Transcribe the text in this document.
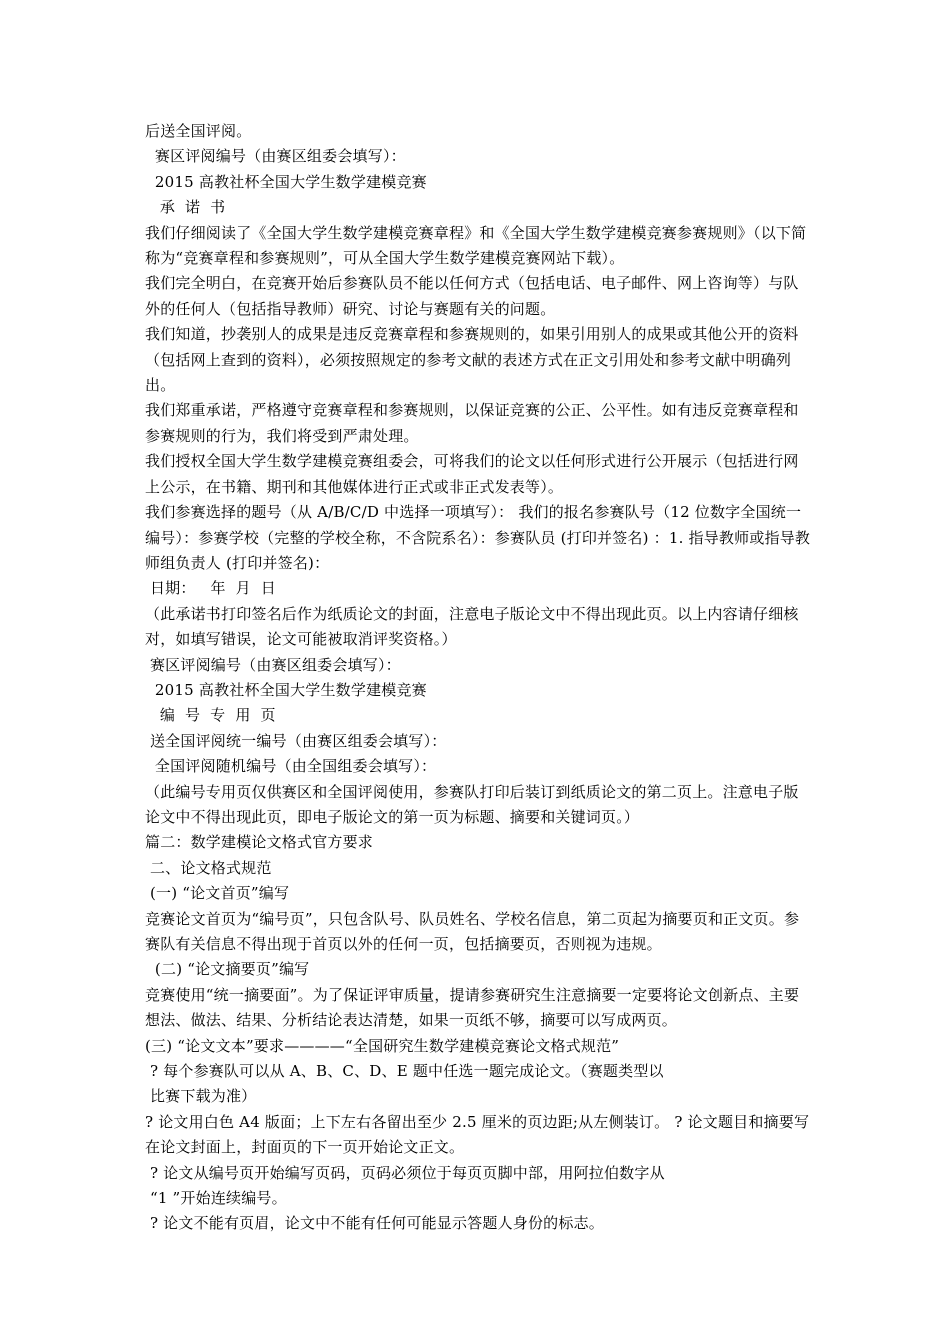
后送全国评阅。

赛区评阅编号（由赛区组委会填写）：

2015 高教社杯全国大学生数学建模竞赛

承  诺  书

我们仔细阅读了《全国大学生数学建模竞赛章程》和《全国大学生数学建模竞赛参赛规则》（以下简称为“竞赛章程和参赛规则”，可从全国大学生数学建模竞赛网站下载）。

我们完全明白，在竞赛开始后参赛队员不能以任何方式（包括电话、电子邮件、网上咨询等）与队外的任何人（包括指导教师）研究、讨论与赛题有关的问题。

我们知道，抄袭别人的成果是违反竞赛章程和参赛规则的，如果引用别人的成果或其他公开的资料（包括网上查到的资料），必须按照规定的参考文献的表述方式在正文引用处和参考文献中明确列出。

我们郑重承诺，严格遵守竞赛章程和参赛规则，以保证竞赛的公正、公平性。如有违反竞赛章程和参赛规则的行为，我们将受到严肃处理。

我们授权全国大学生数学建模竞赛组委会，可将我们的论文以任何形式进行公开展示（包括进行网上公示，在书籍、期刊和其他媒体进行正式或非正式发表等）。

我们参赛选择的题号（从 A/B/C/D 中选择一项填写）： 我们的报名参赛队号（12 位数字全国统一编号）：参赛学校（完整的学校全称，不含院系名）：参赛队员 (打印并签名) ：1. 指导教师或指导教师组负责人 (打印并签名)：

日期：   年  月  日

（此承诺书打印签名后作为纸质论文的封面，注意电子版论文中不得出现此页。以上内容请仔细核对，如填写错误，论文可能被取消评奖资格。）

赛区评阅编号（由赛区组委会填写）：

2015 高教社杯全国大学生数学建模竞赛

编  号  专  用  页

送全国评阅统一编号（由赛区组委会填写）：

全国评阅随机编号（由全国组委会填写）：

（此编号专用页仅供赛区和全国评阅使用，参赛队打印后装订到纸质论文的第二页上。注意电子版论文中不得出现此页，即电子版论文的第一页为标题、摘要和关键词页。）

篇二：数学建模论文格式官方要求

二、论文格式规范

(一) “论文首页”编写

竞赛论文首页为“编号页”，只包含队号、队员姓名、学校名信息，第二页起为摘要页和正文页。参赛队有关信息不得出现于首页以外的任何一页，包括摘要页，否则视为违规。

(二) “论文摘要页”编写

竞赛使用“统一摘要面”。为了保证评审质量，提请参赛研究生注意摘要一定要将论文创新点、主要想法、做法、结果、分析结论表达清楚，如果一页纸不够，摘要可以写成两页。

(三) “论文文本”要求————“全国研究生数学建模竞赛论文格式规范”

? 每个参赛队可以从 A、B、C、D、E 题中任选一题完成论文。（赛题类型以

比赛下载为准）

? 论文用白色 A4 版面；上下左右各留出至少 2.5 厘米的页边距;从左侧装订。 ? 论文题目和摘要写在论文封面上，封面页的下一页开始论文正文。

? 论文从编号页开始编写页码，页码必须位于每页页脚中部，用阿拉伯数字从

“1 ”开始连续编号。

? 论文不能有页眉，论文中不能有任何可能显示答题人身份的标志。
